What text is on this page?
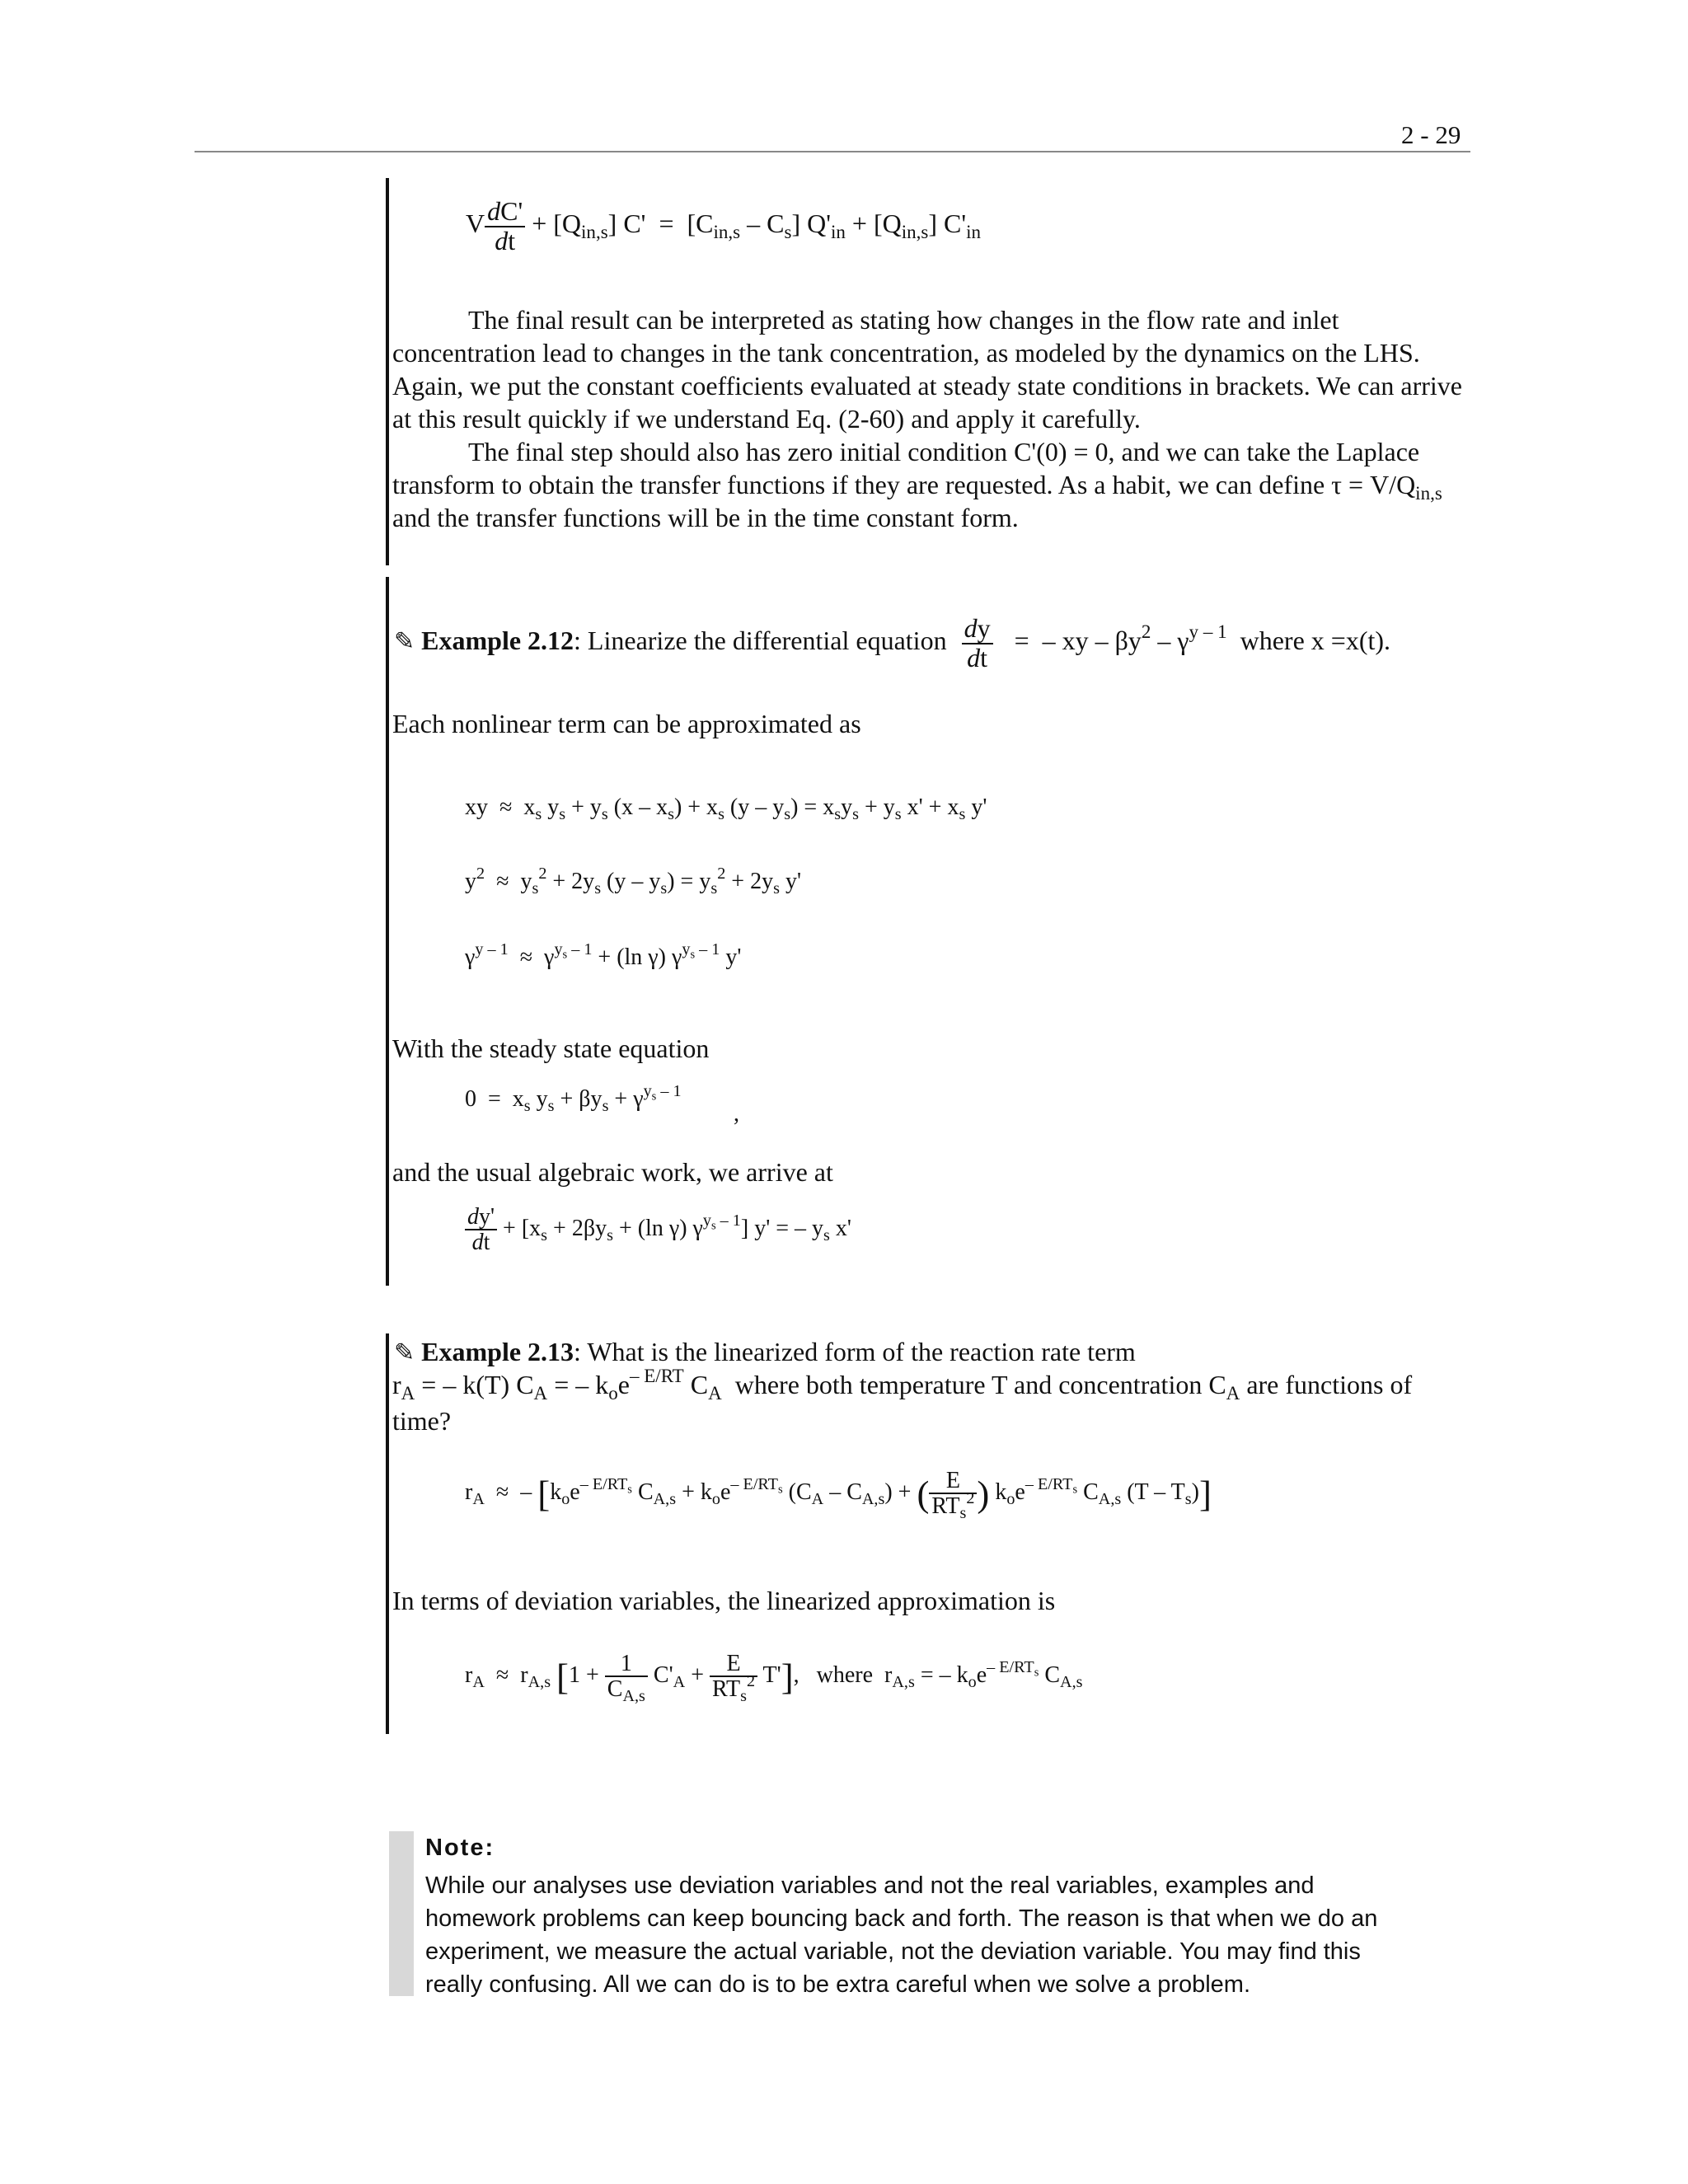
2 - 29
V $\frac{dC'}{dt} + [Q_{in,s}] C' = [C_{in,s} - C_s] Q'_{in} + [Q_{in,s}]$ $C'_{in}$

The final result can be interpreted as stating how changes in the flow rate and inlet concentration lead to changes in the tank concentration, as modeled by the dynamics on the LHS. Again, we put the constant coefficients evaluated at steady state conditions in brackets. We can arrive at this result quickly if we understand Eq. (2-60) and apply it carefully.

The final step should also has zero initial condition C'(0) = 0, and we can take the Laplace transform to obtain the transfer functions if they are requested. As a habit, we can define $\tau = V/Q_{in,s}$ and the transfer functions will be in the time constant form.

✎ Example 2.12: Linearize the differential equation $\frac{dy}{dt}$ =  – xy – $\beta y^2 - \gamma^{y - 1}$ where x =x(t).
Each nonlinear term can be approximated as
xy  ≈  $x_s$ $y_s + y_s$ $(x - x_s) + x_s$ $(y - y_s) = x_sy_s + y_s$ $x' + x_s$ y'
$y^2 \approx y_s^2 + 2y_s$ $(y - y_s) = y_s^2 + 2y_s$ y'
$\gamma^{y - 1} \approx \gamma^{y_s - 1} + (\ln$ γ) $\gamma^{y_s - 1}$ y'
With the steady state equation
$0 = x_s$ $y_s + \beta y_s + \gamma^{y_s - 1}$
,
and the usual algebraic work, we arrive at
$\frac{dy'}{dt} + [x_s + 2\beta y_s + (\ln$ γ) $\gamma^{y_s - 1}$] y' = – $y_s$ x'
✎ Example 2.13: What is the linearized form of the reaction rate term
$r_A$ = – k(T) $C_A$ = – $k_oe^{- E/RT}$ $C_A$ where both temperature T and concentration $C_A$ are functions of
time?
$r_A$  ≈  – [$k_oe^{- E/RT_s}$ $C_{A,s} + k_oe^{- E/RT_s}$ $(C_A - C_{A,s})$ + ( $\frac{E}{RT_s^2}$ ) $k_oe^{- E/RT_s}$ $C_{A,s}$ $(T - T_s)$]
In terms of deviation variables, the linearized approximation is
$r_A \approx r_{A,s}$ $[1 + \frac{1}{C_{A,s}} C'_A + \frac{E}{RT_s^2} T']$,   where  $r_{A,s}$ = – $k_oe^{- E/RT_s}$ $C_{A,s}$
Note:
While our analyses use deviation variables and not the real variables, examples and homework problems can keep bouncing back and forth. The reason is that when we do an experiment, we measure the actual variable, not the deviation variable. You may find this really confusing. All we can do is to be extra careful when we solve a problem.
